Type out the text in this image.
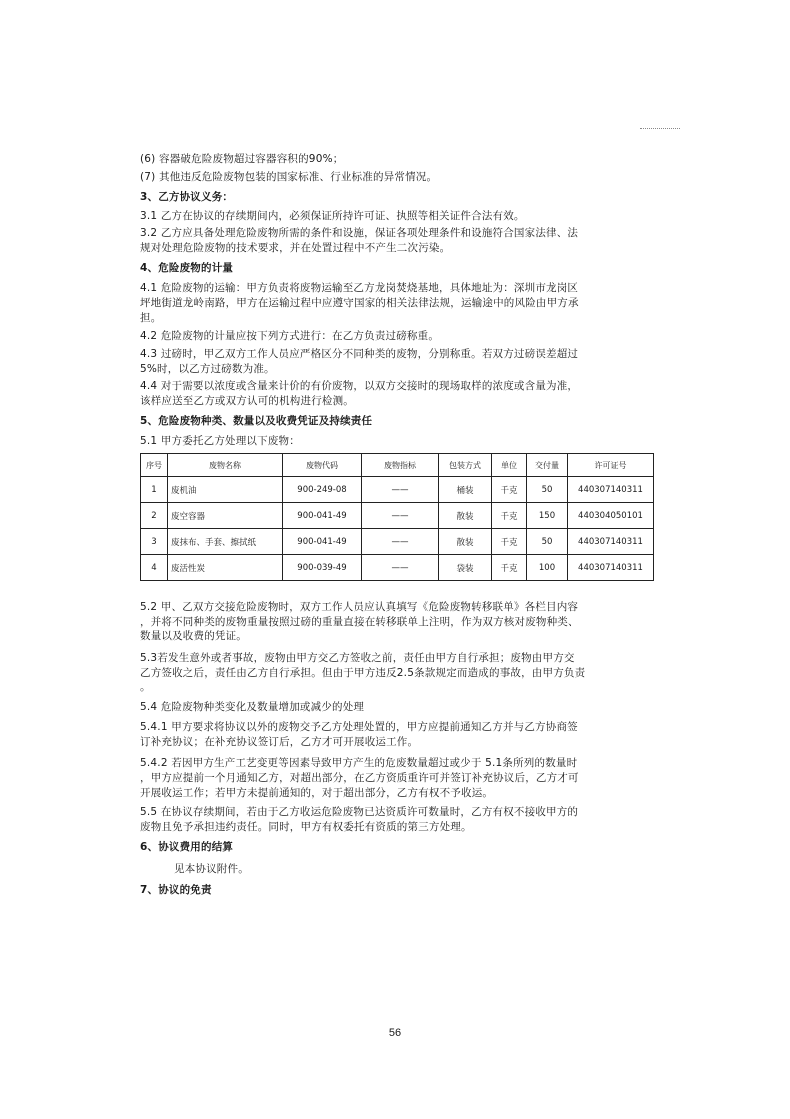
(6) 容器破危险废物超过容器容积的90%；
(7) 其他违反危险废物包装的国家标准、行业标准的异常情况。
3、乙方协议义务：
3.1 乙方在协议的存续期间内，必须保证所持许可证、执照等相关证件合法有效。
3.2 乙方应具备处理危险废物所需的条件和设施，保证各项处理条件和设施符合国家法律、法
规对处理危险废物的技术要求，并在处置过程中不产生二次污染。
4、危险废物的计量
4.1 危险废物的运输：甲方负责将废物运输至乙方龙岗焚烧基地，具体地址为：深圳市龙岗区
坪地街道龙岭南路，甲方在运输过程中应遵守国家的相关法律法规，运输途中的风险由甲方承
担。
4.2 危险废物的计量应按下列方式进行：在乙方负责过磅称重。
4.3 过磅时，甲乙双方工作人员应严格区分不同种类的废物，分别称重。若双方过磅误差超过
5%时，以乙方过磅数为准。
4.4 对于需要以浓度或含量来计价的有价废物，以双方交接时的现场取样的浓度或含量为准，
该样应送至乙方或双方认可的机构进行检测。
5、危险废物种类、数量以及收费凭证及持续责任
5.1 甲方委托乙方处理以下废物：
序号	废物名称	废物代码	废物指标	包装方式	单位	交付量	许可证号
1	废机油	900-249-08	——	桶装	千克	50	440307140311
2	废空容器	900-041-49	——	散装	千克	150	440304050101
3	废抹布、手套、擦拭纸	900-041-49	——	散装	千克	50	440307140311
4	废活性炭	900-039-49	——	袋装	千克	100	440307140311
5.2 甲、乙双方交接危险废物时，双方工作人员应认真填写《危险废物转移联单》各栏目内容
，并将不同种类的废物重量按照过磅的重量直接在转移联单上注明，作为双方核对废物种类、
数量以及收费的凭证。
5.3若发生意外或者事故，废物由甲方交乙方签收之前，责任由甲方自行承担；废物由甲方交
乙方签收之后，责任由乙方自行承担。但由于甲方违反2.5条款规定而造成的事故，由甲方负责
。
5.4 危险废物种类变化及数量增加或减少的处理
5.4.1 甲方要求将协议以外的废物交予乙方处理处置的，甲方应提前通知乙方并与乙方协商签
订补充协议；在补充协议签订后，乙方才可开展收运工作。
5.4.2 若因甲方生产工艺变更等因素导致甲方产生的危废数量超过或少于 5.1条所列的数量时
，甲方应提前一个月通知乙方，对超出部分，在乙方资质重许可并签订补充协议后，乙方才可
开展收运工作；若甲方未提前通知的，对于超出部分，乙方有权不予收运。
5.5 在协议存续期间，若由于乙方收运危险废物已达资质许可数量时，乙方有权不接收甲方的
废物且免予承担违约责任。同时，甲方有权委托有资质的第三方处理。
6、协议费用的结算
见本协议附件。
7、协议的免责
56
